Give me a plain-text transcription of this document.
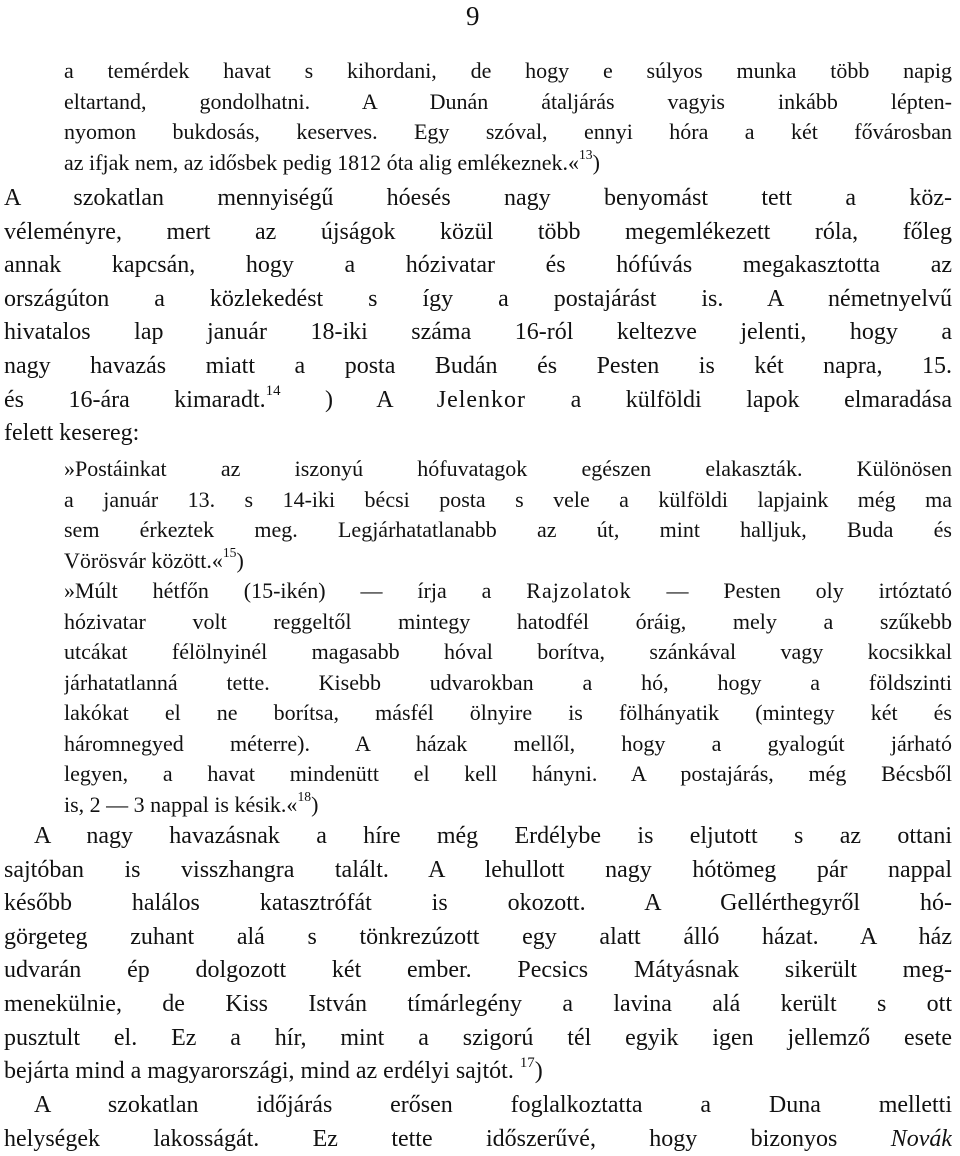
9
a temérdek havat s kihordani, de hogy e súlyos munka több napig
eltartand, gondolhatni. A Dunán átaljárás vagyis inkább lépten-
nyomon bukdosás, keserves. Egy szóval, ennyi hóra a két fővárosban
az ifjak nem, az idősbek pedig 1812 óta alig emlékeznek.«$^{13}$)
A szokatlan mennyiségű hóesés nagy benyomást tett a köz-
véleményre, mert az újságok közül több megemlékezett róla, főleg
annak kapcsán, hogy a hózivatar és hófúvás megakasztotta az
országúton a közlekedést s így a postajárást is. A németnyelvű
hivatalos lap január 18-iki száma 16-ról keltezve jelenti, hogy a
nagy havazás miatt a posta Budán és Pesten is két napra, 15.
és 16-ára kimaradt.$^{14}$ ) A Jelenkor a külföldi lapok elmaradása
felett kesereg:
»Postáinkat az iszonyú hófuvatagok egészen elakaszták. Különösen
a január 13. s 14-iki bécsi posta s vele a külföldi lapjaink még ma
sem érkeztek meg. Legjárhatatlanabb az út, mint halljuk, Buda és
Vörösvár között.«$^{15}$)
»Múlt hétfőn (15-ikén) — írja a Rajzolatok — Pesten oly irtóztató
hózivatar volt reggeltől mintegy hatodfél óráig, mely a szűkebb
utcákat félölnyinél magasabb hóval borítva, szánkával vagy kocsikkal
járhatatlanná tette. Kisebb udvarokban a hó, hogy a földszinti
lakókat el ne borítsa, másfél ölnyire is fölhányatik (mintegy két és
háromnegyed méterre). A házak mellől, hogy a gyalogút járható
legyen, a havat mindenütt el kell hányni. A postajárás, még Bécsből
is, 2 — 3 nappal is késik.«$^{18}$)
A nagy havazásnak a híre még Erdélybe is eljutott s az ottani
sajtóban is visszhangra talált. A lehullott nagy hótömeg pár nappal
később halálos katasztrófát is okozott. A Gellérthegyről hó-
görgeteg zuhant alá s tönkrezúzott egy alatt álló házat. A ház
udvarán ép dolgozott két ember. Pecsics Mátyásnak sikerült meg-
menekülnie, de Kiss István tímárlegény a lavina alá került s ott
pusztult el. Ez a hír, mint a szigorú tél egyik igen jellemző esete
bejárta mind a magyarországi, mind az erdélyi sajtót. $^{17}$)
A szokatlan időjárás erősen foglalkoztatta a Duna melletti
helységek lakosságát. Ez tette időszerűvé, hogy bizonyos Novák
